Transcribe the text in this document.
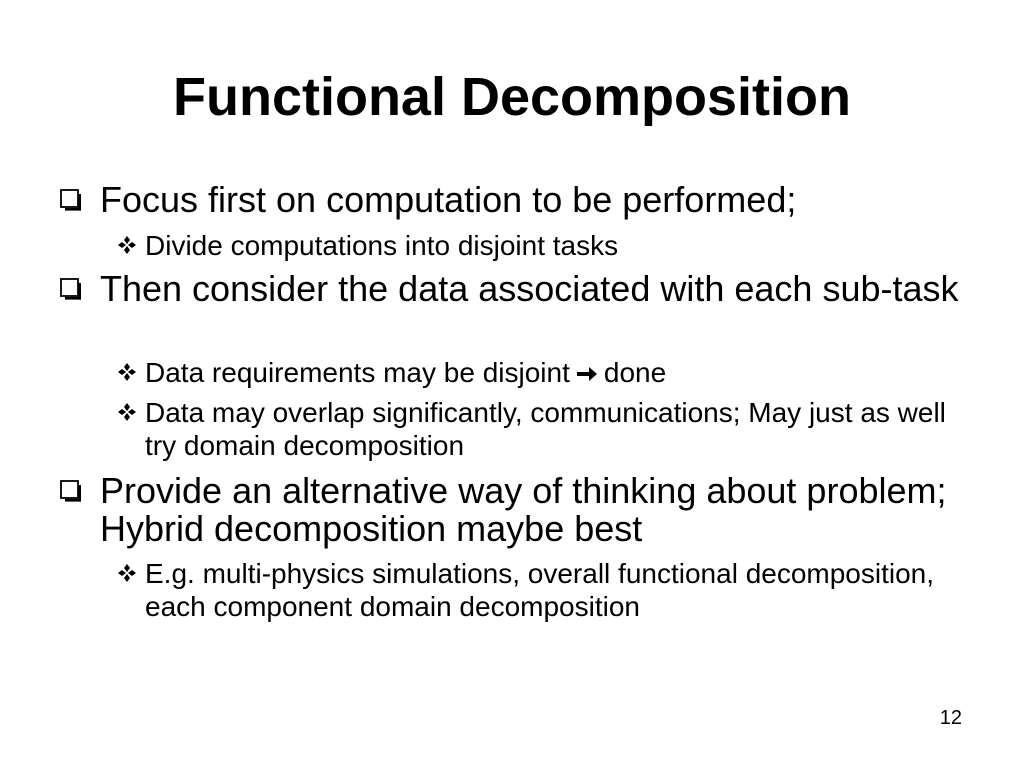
Functional Decomposition
Focus first on computation to be performed;
Divide computations into disjoint tasks
Then consider the data associated with each sub-task
Data requirements may be disjoint done
Data may overlap significantly, communications; May just as well try domain decomposition
Provide an alternative way of thinking about problem; Hybrid decomposition maybe best
E.g. multi-physics simulations, overall functional decomposition, each component domain decomposition
12
